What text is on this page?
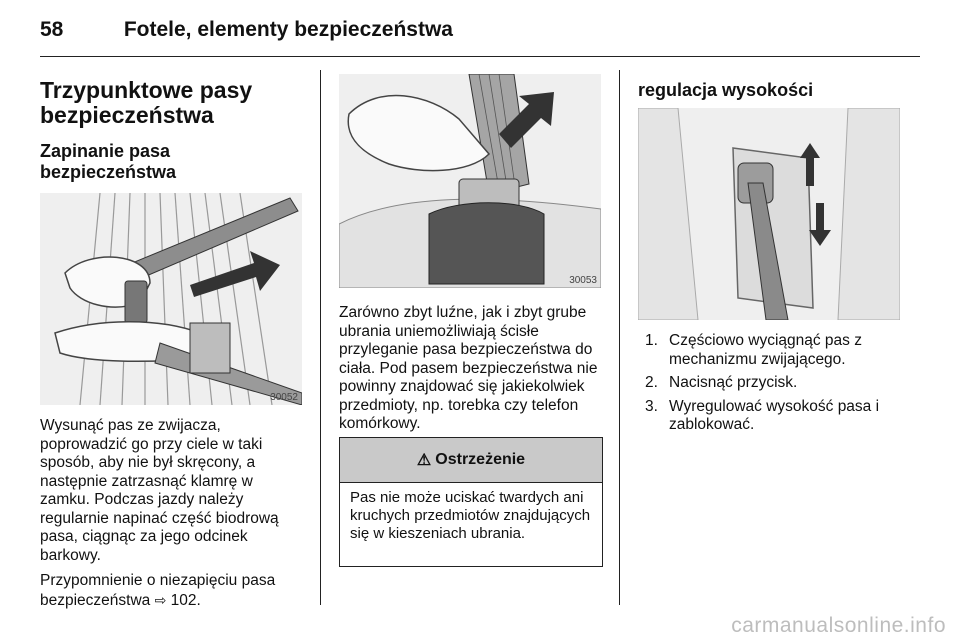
58	Fotele, elementy bezpieczeństwa
Trzypunktowe pasy bezpieczeństwa
Zapinanie pasa bezpieczeństwa
30052

Wysunąć pas ze zwijacza, poprowadzić go przy ciele w taki sposób, aby nie był skręcony, a następnie zatrzasnąć klamrę w zamku. Podczas jazdy należy regularnie napinać część biodrową pasa, ciągnąc za jego odcinek barkowy.

Przypomnienie o niezapięciu pasa bezpieczeństwa ⇨ 102.

30053

Zarówno zbyt luźne, jak i zbyt grube ubrania uniemożliwiają ścisłe przyleganie pasa bezpieczeństwa do ciała. Pod pasem bezpieczeństwa nie powinny znajdować się jakiekolwiek przedmioty, np. torebka czy telefon komórkowy.

⚠ Ostrzeżenie
Pas nie może uciskać twardych ani kruchych przedmiotów znajdujących się w kieszeniach ubrania.
regulacja wysokości
1. Częściowo wyciągnąć pas z mechanizmu zwijającego.
2. Nacisnąć przycisk.
3. Wyregulować wysokość pasa i zablokować.
carmanualsonline.info
